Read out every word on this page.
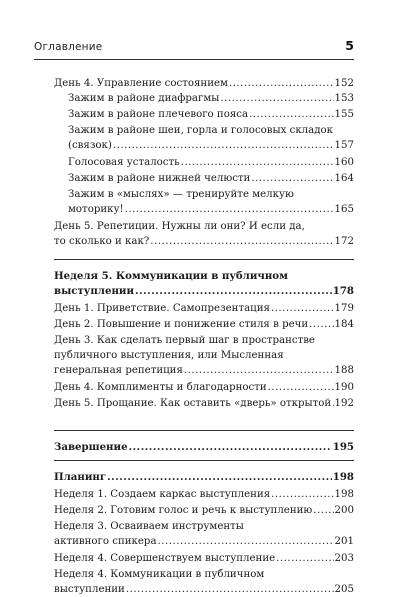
Оглавление	5
День 4. Управление состоянием .....	152
Зажим в районе диафрагмы .....	153
Зажим в районе плечевого пояса .....	155
Зажим в районе шеи, горла и голосовых складок
(связок) .....	157
Голосовая усталость .....	160
Зажим в районе нижней челюсти .....	164
Зажим в «мыслях» — тренируйте мелкую
моторику! .....	165
День 5. Репетиции. Нужны ли они? И если да,
то сколько и как? .....	172
Неделя 5. Коммуникации в публичном
выступлении .....	178
День 1. Приветствие. Самопрезентация .....	179
День 2. Повышение и понижение стиля в речи .....	184
День 3. Как сделать первый шаг в пространстве
публичного выступления, или Мысленная
генеральная репетиция .....	188
День 4. Комплименты и благодарности .....	190
День 5. Прощание. Как оставить «дверь» открытой ..... 192
Завершение .....	195
Планинг .....	198
Неделя 1. Создаем каркас выступления .....	198
Неделя 2. Готовим голос и речь к выступлению ..... 200
Неделя 3. Осваиваем инструменты
активного спикера .....	201
Неделя 4. Совершенствуем выступление .....	203
Неделя 4. Коммуникации в публичном
выступлении .....	205
